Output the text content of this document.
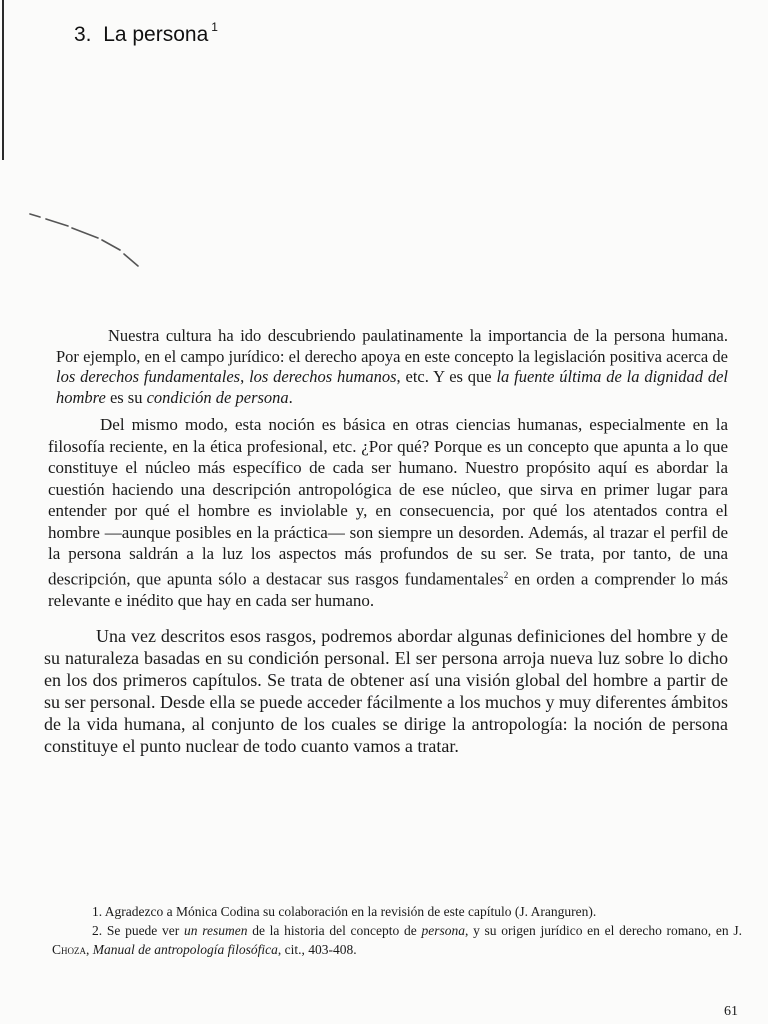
3. La persona $^1$

Nuestra cultura ha ido descubriendo paulatinamente la importancia de la persona humana. Por ejemplo, en el campo jurídico: el derecho apoya en este concepto la legislación positiva acerca de los derechos fundamentales, los derechos humanos, etc. Y es que la fuente última de la dignidad del hombre es su condición de persona.

Del mismo modo, esta noción es básica en otras ciencias humanas, especialmente en la filosofía reciente, en la ética profesional, etc. ¿Por qué? Porque es un concepto que apunta a lo que constituye el núcleo más específico de cada ser humano. Nuestro propósito aquí es abordar la cuestión haciendo una descripción antropológica de ese núcleo, que sirva en primer lugar para entender por qué el hombre es inviolable y, en consecuencia, por qué los atentados contra el hombre —aunque posibles en la práctica— son siempre un desorden. Además, al trazar el perfil de la persona saldrán a la luz los aspectos más profundos de su ser. Se trata, por tanto, de una descripción, que apunta sólo a destacar sus rasgos fundamentales$^2$ en orden a comprender lo más relevante e inédito que hay en cada ser humano.

Una vez descritos esos rasgos, podremos abordar algunas definiciones del hombre y de su naturaleza basadas en su condición personal. El ser persona arroja nueva luz sobre lo dicho en los dos primeros capítulos. Se trata de obtener así una visión global del hombre a partir de su ser personal. Desde ella se puede acceder fácilmente a los muchos y muy diferentes ámbitos de la vida humana, al conjunto de los cuales se dirige la antropología: la noción de persona constituye el punto nuclear de todo cuanto vamos a tratar.

1. Agradezco a Mónica Codina su colaboración en la revisión de este capítulo (J. Aranguren).

2. Se puede ver un resumen de la historia del concepto de persona, y su origen jurídico en el derecho romano, en J. Choza, Manual de antropología filosófica, cit., 403-408.

61
